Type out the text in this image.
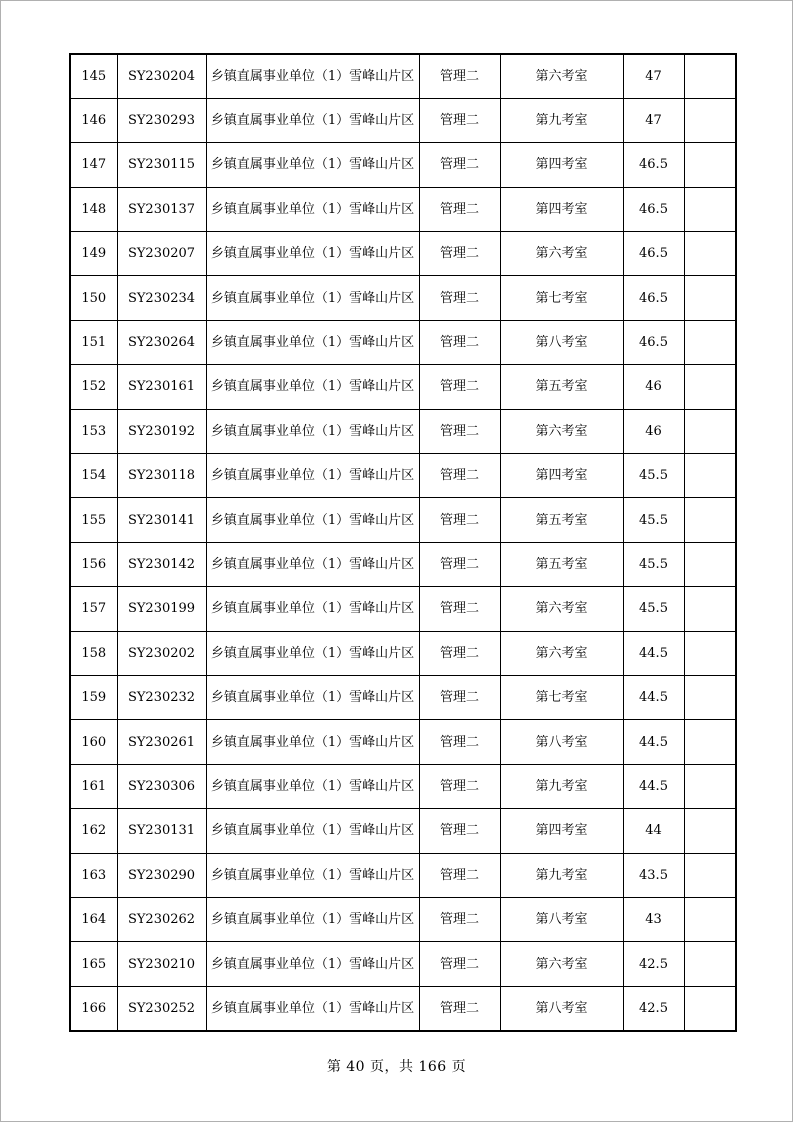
145	SY230204	乡镇直属事业单位（1）雪峰山片区	管理二	第六考室	47	
146	SY230293	乡镇直属事业单位（1）雪峰山片区	管理二	第九考室	47	
147	SY230115	乡镇直属事业单位（1）雪峰山片区	管理二	第四考室	46.5	
148	SY230137	乡镇直属事业单位（1）雪峰山片区	管理二	第四考室	46.5	
149	SY230207	乡镇直属事业单位（1）雪峰山片区	管理二	第六考室	46.5	
150	SY230234	乡镇直属事业单位（1）雪峰山片区	管理二	第七考室	46.5	
151	SY230264	乡镇直属事业单位（1）雪峰山片区	管理二	第八考室	46.5	
152	SY230161	乡镇直属事业单位（1）雪峰山片区	管理二	第五考室	46	
153	SY230192	乡镇直属事业单位（1）雪峰山片区	管理二	第六考室	46	
154	SY230118	乡镇直属事业单位（1）雪峰山片区	管理二	第四考室	45.5	
155	SY230141	乡镇直属事业单位（1）雪峰山片区	管理二	第五考室	45.5	
156	SY230142	乡镇直属事业单位（1）雪峰山片区	管理二	第五考室	45.5	
157	SY230199	乡镇直属事业单位（1）雪峰山片区	管理二	第六考室	45.5	
158	SY230202	乡镇直属事业单位（1）雪峰山片区	管理二	第六考室	44.5	
159	SY230232	乡镇直属事业单位（1）雪峰山片区	管理二	第七考室	44.5	
160	SY230261	乡镇直属事业单位（1）雪峰山片区	管理二	第八考室	44.5	
161	SY230306	乡镇直属事业单位（1）雪峰山片区	管理二	第九考室	44.5	
162	SY230131	乡镇直属事业单位（1）雪峰山片区	管理二	第四考室	44	
163	SY230290	乡镇直属事业单位（1）雪峰山片区	管理二	第九考室	43.5	
164	SY230262	乡镇直属事业单位（1）雪峰山片区	管理二	第八考室	43	
165	SY230210	乡镇直属事业单位（1）雪峰山片区	管理二	第六考室	42.5	
166	SY230252	乡镇直属事业单位（1）雪峰山片区	管理二	第八考室	42.5	
第 40 页，共 166 页
